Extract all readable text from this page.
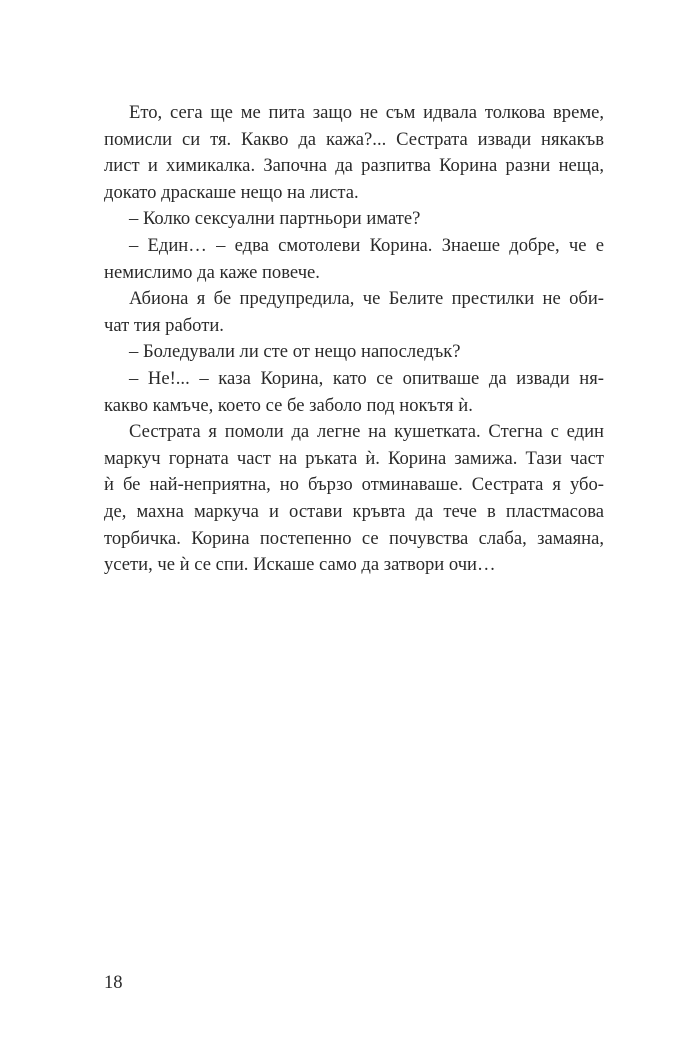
Ето, сега ще ме пита защо не съм идвала толкова време,
помисли си тя. Какво да кажа?... Сестрата извади някакъв
лист и химикалка. Започна да разпитва Корина разни неща,
докато драскаше нещо на листа.
– Колко сексуални партньори имате?
– Един… – едва смотолеви Корина. Знаеше добре, че е
немислимо да каже повече.
Абиона я бе предупредила, че Белите престилки не оби-
чат тия работи.
– Боледували ли сте от нещо напоследък?
– Не!... – каза Корина, като се опитваше да извади ня-
какво камъче, което се бе заболо под нокътя ѝ.
Сестрата я помоли да легне на кушетката. Стегна с един
маркуч горната част на ръката ѝ. Корина замижа. Тази част
ѝ бе най-неприятна, но бързо отминаваше. Сестрата я убо-
де, махна маркуча и остави кръвта да тече в пластмасова
торбичка. Корина постепенно се почувства слаба, замаяна,
усети, че ѝ се спи. Искаше само да затвори очи…
18
